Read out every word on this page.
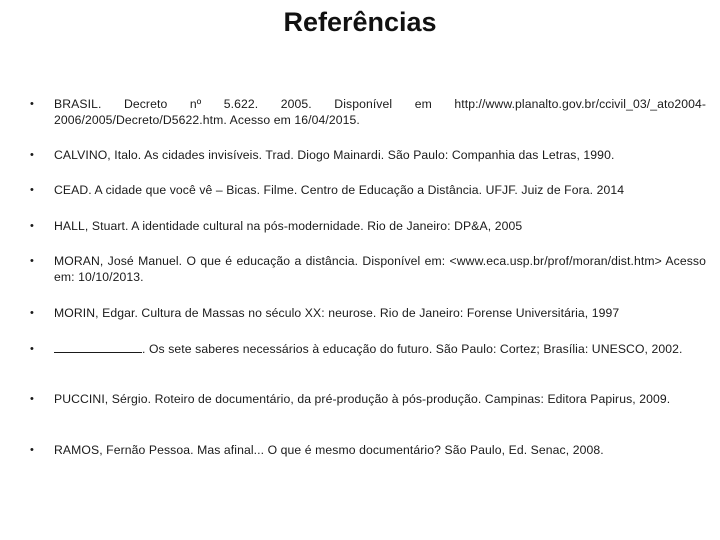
Referências
• BRASIL. Decreto nº 5.622. 2005. Disponível em http://www.planalto.gov.br/ccivil_03/_ato2004-2006/2005/Decreto/D5622.htm. Acesso em 16/04/2015.
• CALVINO, Italo. As cidades invisíveis. Trad. Diogo Mainardi. São Paulo: Companhia das Letras, 1990.
• CEAD. A cidade que você vê – Bicas. Filme. Centro de Educação a Distância. UFJF. Juiz de Fora. 2014
• HALL, Stuart. A identidade cultural na pós-modernidade. Rio de Janeiro: DP&A, 2005
• MORAN, José Manuel. O que é educação a distância. Disponível em: <www.eca.usp.br/prof/moran/dist.htm> Acesso em: 10/10/2013.
• MORIN, Edgar. Cultura de Massas no século XX: neurose. Rio de Janeiro: Forense Universitária, 1997
•	. Os sete saberes necessários à educação do futuro. São Paulo: Cortez; Brasília: UNESCO, 2002.
• PUCCINI, Sérgio. Roteiro de documentário, da pré-produção à pós-produção. Campinas: Editora Papirus, 2009.
• RAMOS, Fernão Pessoa. Mas afinal... O que é mesmo documentário? São Paulo, Ed. Senac, 2008.
